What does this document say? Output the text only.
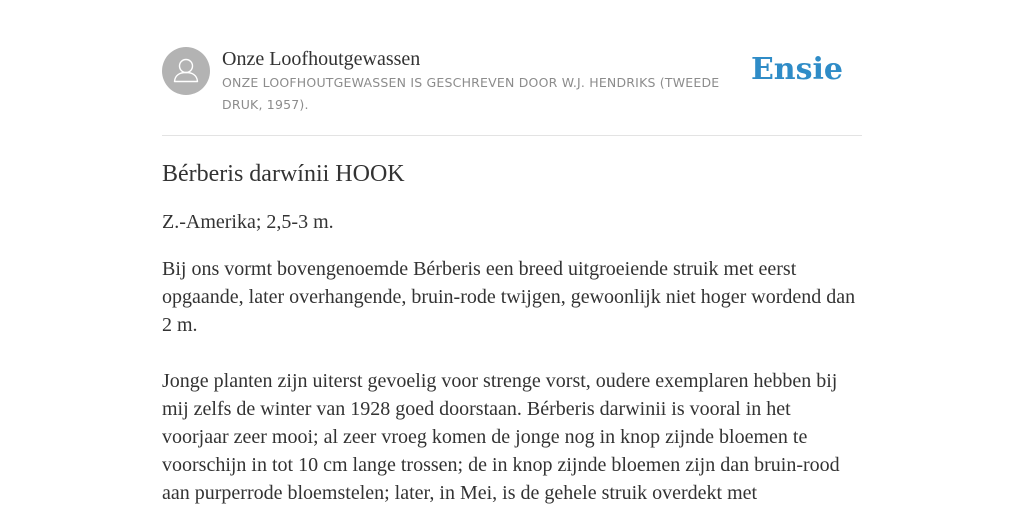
Onze Loofhoutgewassen
ONZE LOOFHOUTGEWASSEN IS GESCHREVEN DOOR W.J. HENDRIKS (TWEEDE DRUK, 1957).
Ensie
Bérberis darwínii HOOK

Z.-Amerika; 2,5-3 m.

Bij ons vormt bovengenoemde Bérberis een breed uitgroeiende struik met eerst opgaande, later overhangende, bruin-rode twijgen, gewoonlijk niet hoger wordend dan 2 m.

Jonge planten zijn uiterst gevoelig voor strenge vorst, oudere exemplaren hebben bij mij zelfs de winter van 1928 goed doorstaan. Bérberis darwinii is vooral in het voorjaar zeer mooi; al zeer vroeg komen de jonge nog in knop zijnde bloemen te voorschijn in tot 10 cm lange trossen; de in knop zijnde bloemen zijn dan bruin-rood aan purperrode bloemstelen; later, in Mei, is de gehele struik overdekt met
